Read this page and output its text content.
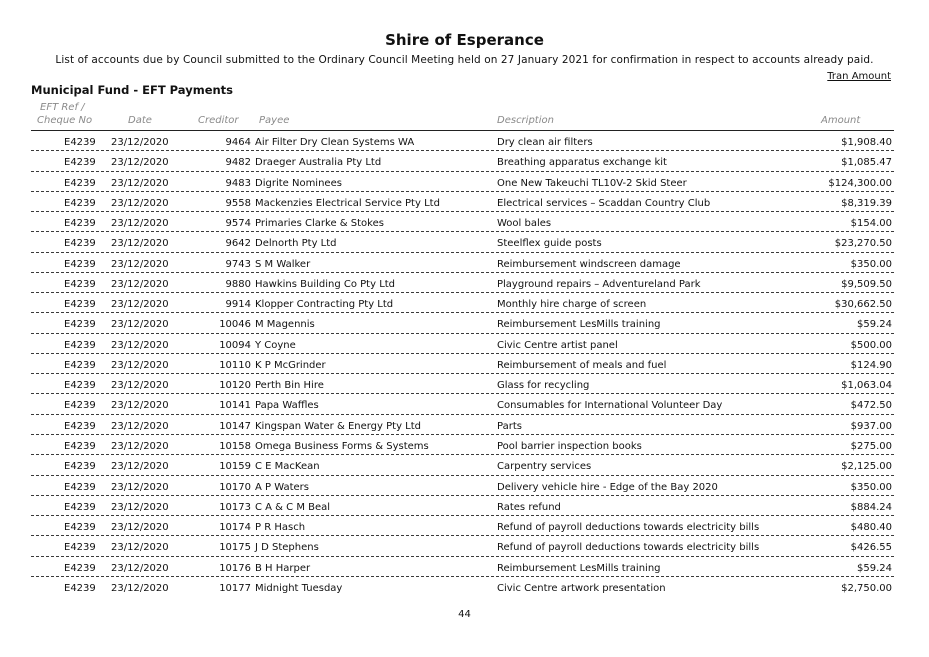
Shire of Esperance
List of accounts due by Council submitted to the Ordinary Council Meeting held on 27 January 2021 for confirmation in respect to accounts already paid.
Tran Amount
Municipal Fund - EFT Payments
EFT Ref /
Cheque No	Date	Creditor Payee	Description	Amount
E4239 23/12/2020	9464 Air Filter Dry Clean Systems WA	Dry clean air filters	$1,908.40
E4239 23/12/2020	9482 Draeger Australia Pty Ltd	Breathing apparatus exchange kit	$1,085.47
E4239 23/12/2020	9483 Digrite Nominees	One New Takeuchi TL10V-2 Skid Steer	$124,300.00
E4239 23/12/2020	9558 Mackenzies Electrical Service Pty Ltd	Electrical services – Scaddan Country Club	$8,319.39
E4239 23/12/2020	9574 Primaries Clarke & Stokes	Wool bales	$154.00
E4239 23/12/2020	9642 Delnorth Pty Ltd	Steelflex guide posts	$23,270.50
E4239 23/12/2020	9743 S M Walker	Reimbursement windscreen damage	$350.00
E4239 23/12/2020	9880 Hawkins Building Co Pty Ltd	Playground repairs – Adventureland Park	$9,509.50
E4239 23/12/2020	9914 Klopper Contracting Pty Ltd	Monthly hire charge of screen	$30,662.50
E4239 23/12/2020	10046 M Magennis	Reimbursement LesMills training	$59.24
E4239 23/12/2020	10094 Y Coyne	Civic Centre artist panel	$500.00
E4239 23/12/2020	10110 K P McGrinder	Reimbursement of meals and fuel	$124.90
E4239 23/12/2020	10120 Perth Bin Hire	Glass for recycling	$1,063.04
E4239 23/12/2020	10141 Papa Waffles	Consumables for International Volunteer Day	$472.50
E4239 23/12/2020	10147 Kingspan Water & Energy Pty Ltd	Parts	$937.00
E4239 23/12/2020	10158 Omega Business Forms & Systems	Pool barrier inspection books	$275.00
E4239 23/12/2020	10159 C E MacKean	Carpentry services	$2,125.00
E4239 23/12/2020	10170 A P Waters	Delivery vehicle hire - Edge of the Bay 2020	$350.00
E4239 23/12/2020	10173 C A & C M Beal	Rates refund	$884.24
E4239 23/12/2020	10174 P R Hasch	Refund of payroll deductions towards electricity bills	$480.40
E4239 23/12/2020	10175 J D Stephens	Refund of payroll deductions towards electricity bills	$426.55
E4239 23/12/2020	10176 B H Harper	Reimbursement LesMills training	$59.24
E4239 23/12/2020	10177 Midnight Tuesday	Civic Centre artwork presentation	$2,750.00
44
